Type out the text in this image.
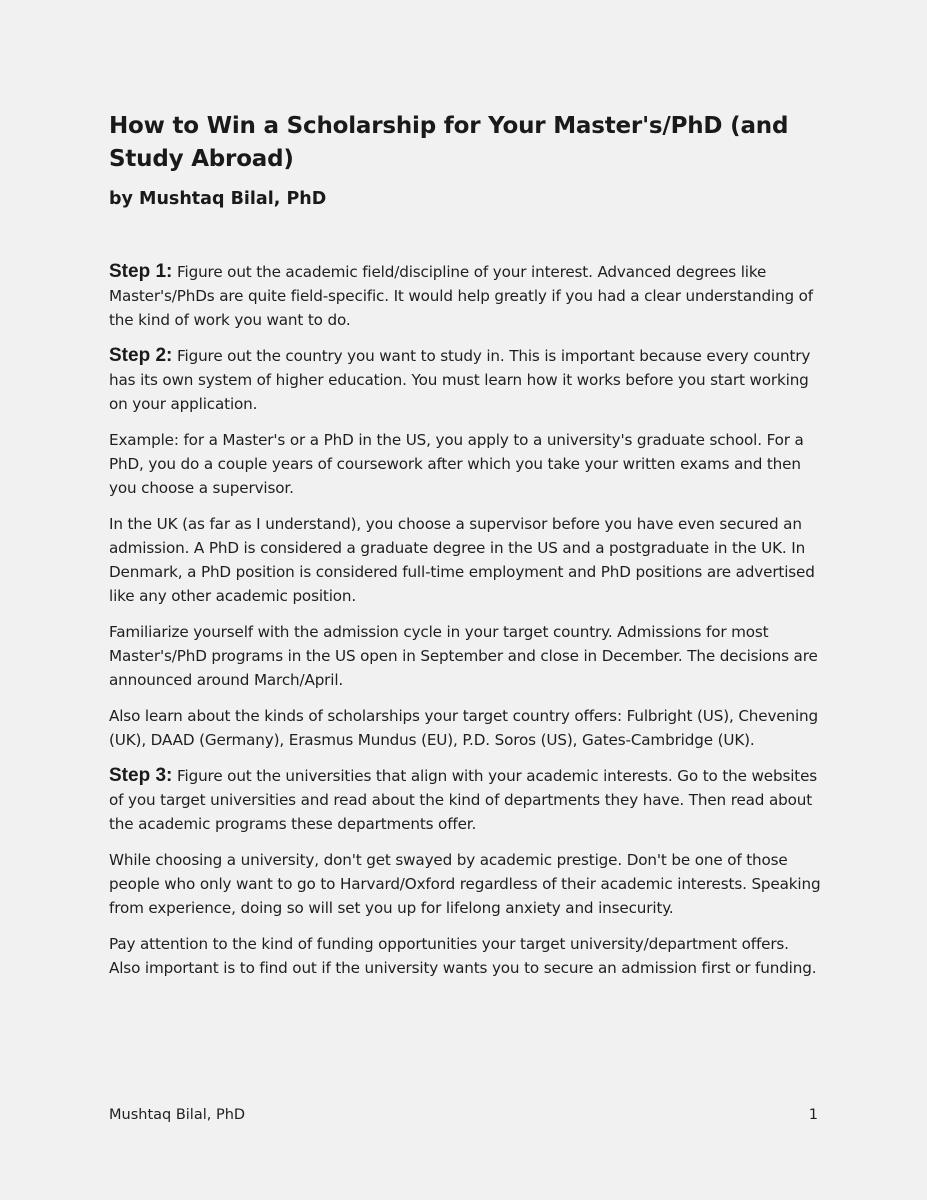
How to Win a Scholarship for Your Master's/PhD (and Study Abroad)
by Mushtaq Bilal, PhD

Step 1: Figure out the academic field/discipline of your interest. Advanced degrees like Master's/PhDs are quite field-specific. It would help greatly if you had a clear understanding of the kind of work you want to do.

Step 2: Figure out the country you want to study in. This is important because every country has its own system of higher education. You must learn how it works before you start working on your application.

Example: for a Master's or a PhD in the US, you apply to a university's graduate school. For a PhD, you do a couple years of coursework after which you take your written exams and then you choose a supervisor.

In the UK (as far as I understand), you choose a supervisor before you have even secured an admission. A PhD is considered a graduate degree in the US and a postgraduate in the UK. In Denmark, a PhD position is considered full-time employment and PhD positions are advertised like any other academic position.

Familiarize yourself with the admission cycle in your target country. Admissions for most Master's/PhD programs in the US open in September and close in December. The decisions are announced around March/April.

Also learn about the kinds of scholarships your target country offers: Fulbright (US), Chevening (UK), DAAD (Germany), Erasmus Mundus (EU), P.D. Soros (US), Gates-Cambridge (UK).

Step 3: Figure out the universities that align with your academic interests. Go to the websites of you target universities and read about the kind of departments they have. Then read about the academic programs these departments offer.

While choosing a university, don't get swayed by academic prestige. Don't be one of those people who only want to go to Harvard/Oxford regardless of their academic interests. Speaking from experience, doing so will set you up for lifelong anxiety and insecurity.

Pay attention to the kind of funding opportunities your target university/department offers. Also important is to find out if the university wants you to secure an admission first or funding.

Mushtaq Bilal, PhD	1
